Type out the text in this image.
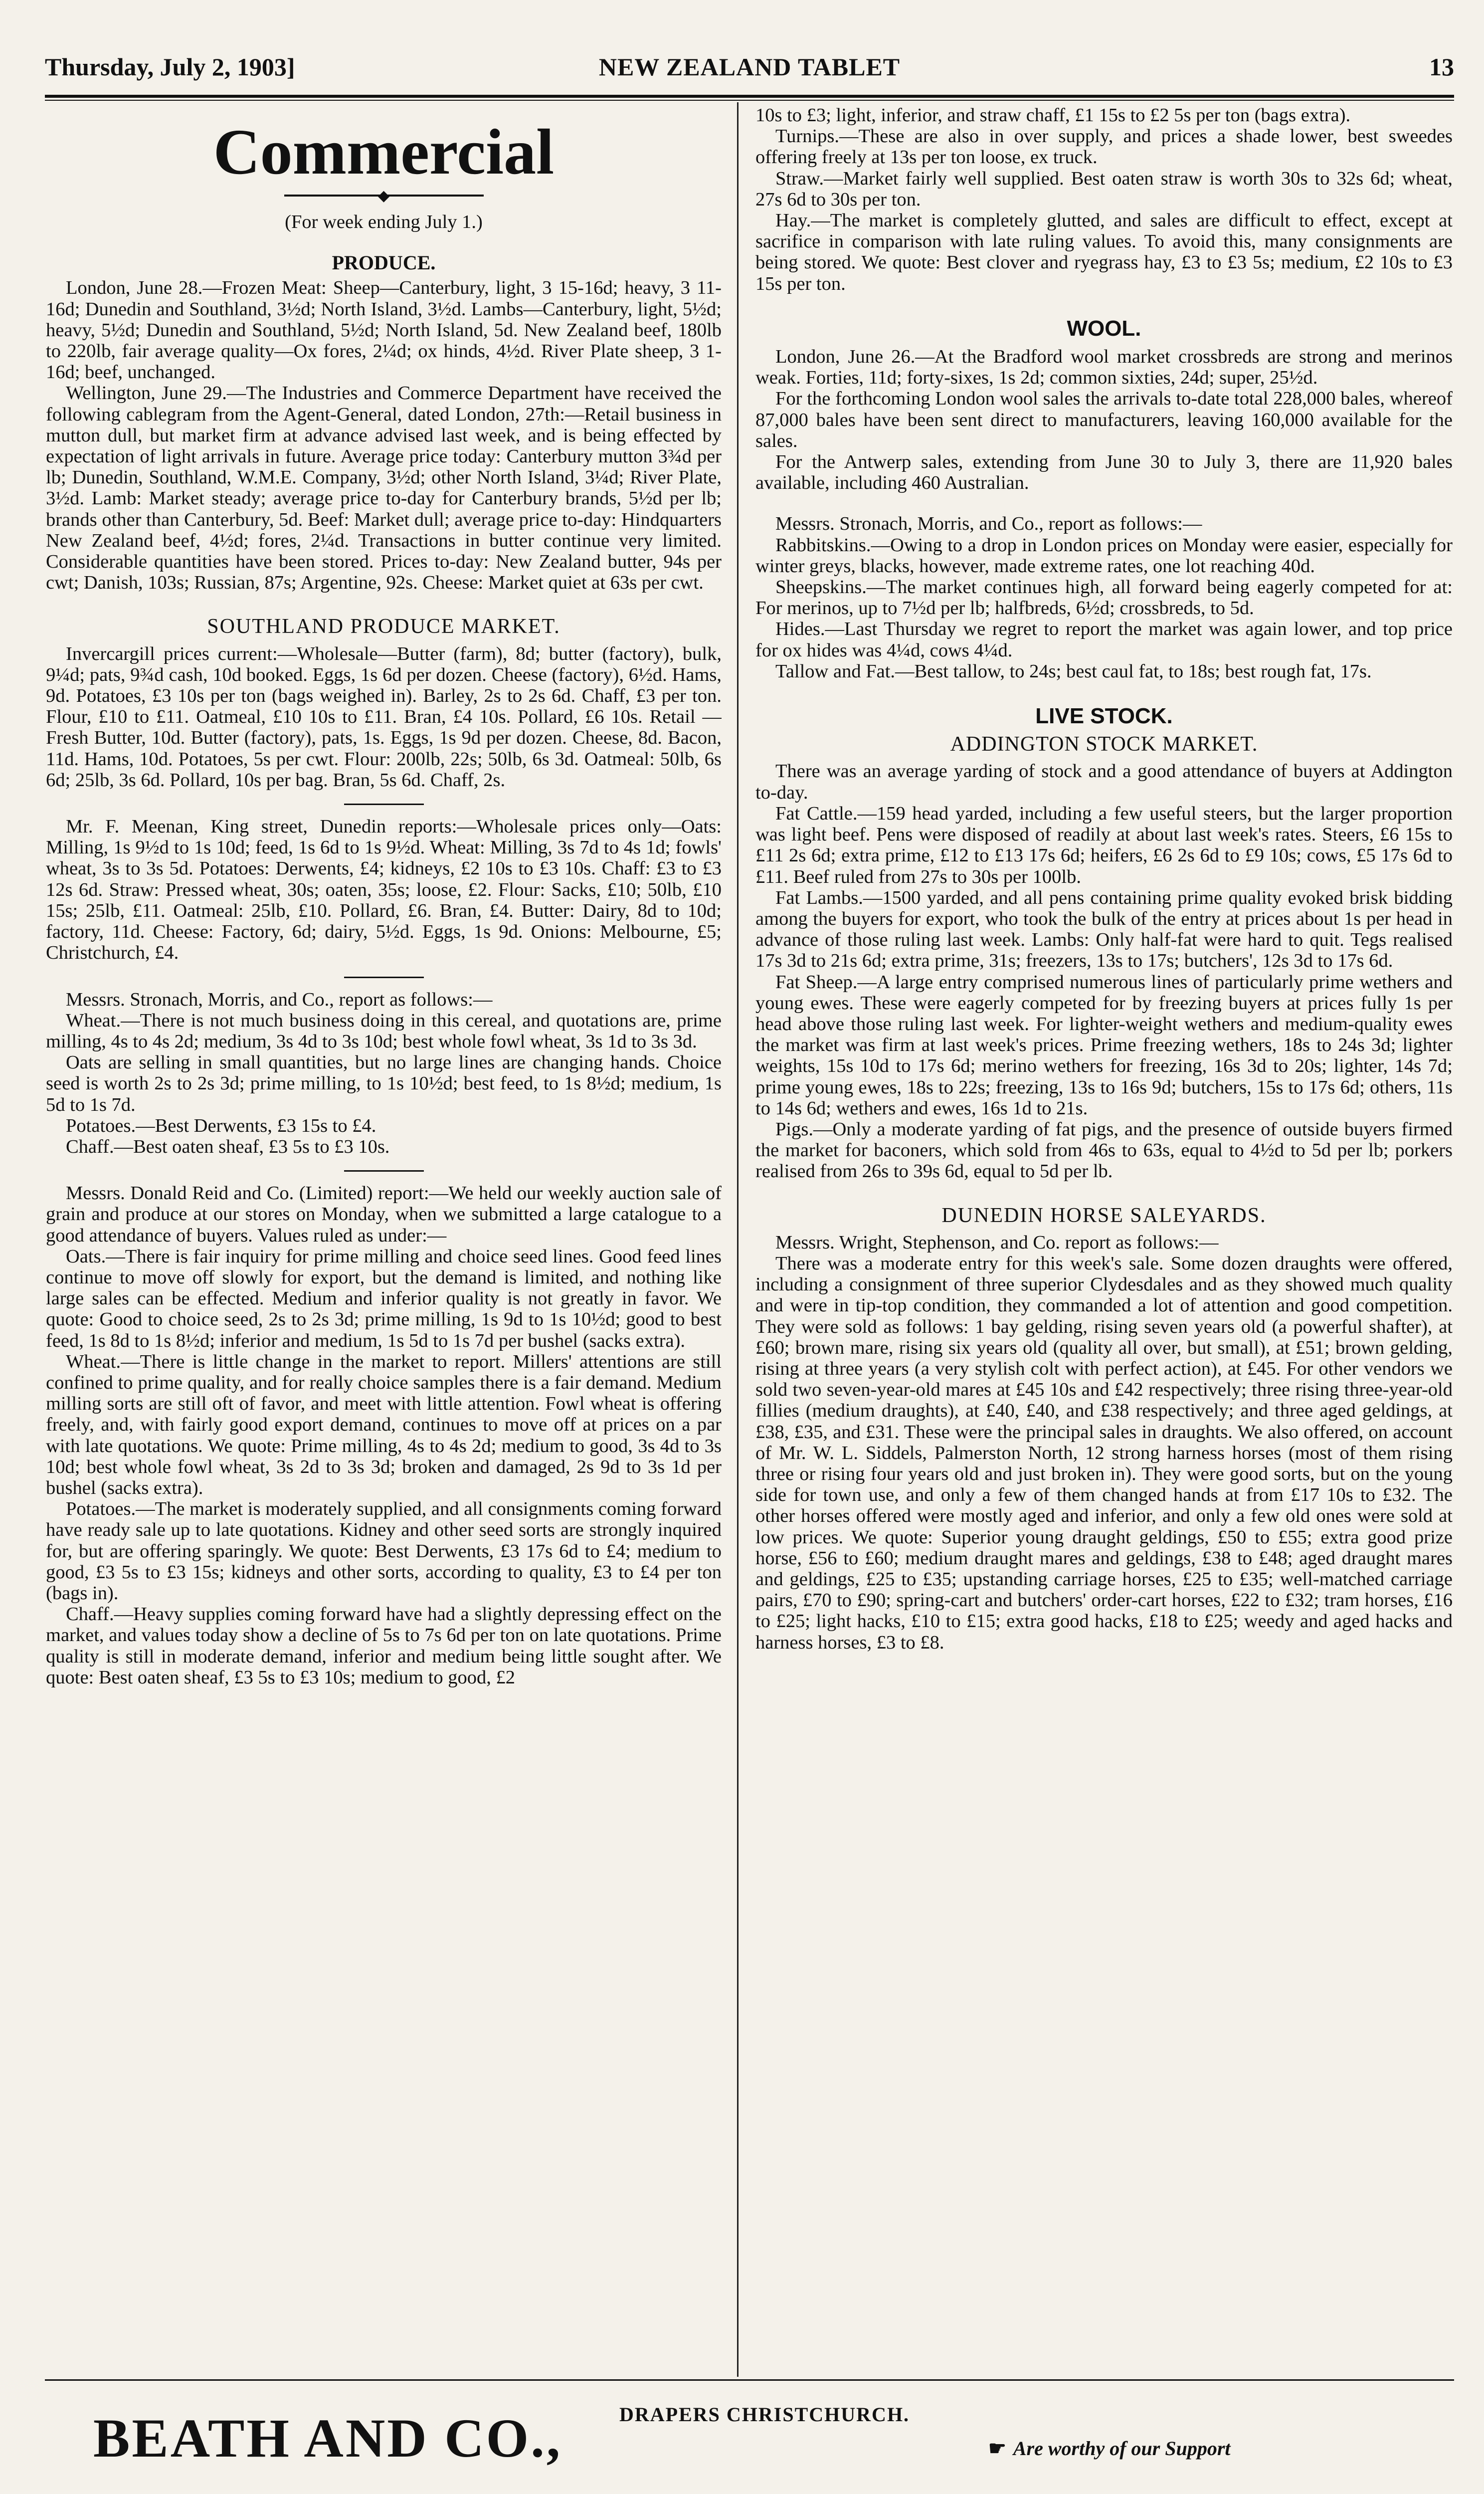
Thursday, July 2, 1903]	NEW ZEALAND TABLET	13
Commercial
◆

(For week ending July 1.)

PRODUCE.

London, June 28.—Frozen Meat: Sheep—Canterbury, light, 3 15-16d; heavy, 3 11-16d; Dunedin and Southland, 3½d; North Island, 3½d. Lambs—Canterbury, light, 5½d; heavy, 5½d; Dunedin and Southland, 5½d; North Island, 5d. New Zealand beef, 180lb to 220lb, fair average quality—Ox fores, 2¼d; ox hinds, 4½d. River Plate sheep, 3 1-16d; beef, unchanged.

Wellington, June 29.—The Industries and Commerce Department have received the following cablegram from the Agent-General, dated London, 27th:—Retail business in mutton dull, but market firm at advance advised last week, and is being effected by expectation of light arrivals in future. Average price today: Canterbury mutton 3¾d per lb; Dunedin, Southland, W.M.E. Company, 3½d; other North Island, 3¼d; River Plate, 3½d. Lamb: Market steady; average price to-day for Canterbury brands, 5½d per lb; brands other than Canterbury, 5d. Beef: Market dull; average price to-day: Hindquarters New Zealand beef, 4½d; fores, 2¼d. Transactions in butter continue very limited. Considerable quantities have been stored. Prices to-day: New Zealand butter, 94s per cwt; Danish, 103s; Russian, 87s; Argentine, 92s. Cheese: Market quiet at 63s per cwt.

SOUTHLAND PRODUCE MARKET.

Invercargill prices current:—Wholesale—Butter (farm), 8d; butter (factory), bulk, 9¼d; pats, 9¾d cash, 10d booked. Eggs, 1s 6d per dozen. Cheese (factory), 6½d. Hams, 9d. Potatoes, £3 10s per ton (bags weighed in). Barley, 2s to 2s 6d. Chaff, £3 per ton. Flour, £10 to £11. Oatmeal, £10 10s to £11. Bran, £4 10s. Pollard, £6 10s. Retail — Fresh Butter, 10d. Butter (factory), pats, 1s. Eggs, 1s 9d per dozen. Cheese, 8d. Bacon, 11d. Hams, 10d. Potatoes, 5s per cwt. Flour: 200lb, 22s; 50lb, 6s 3d. Oatmeal: 50lb, 6s 6d; 25lb, 3s 6d. Pollard, 10s per bag. Bran, 5s 6d. Chaff, 2s.

Mr. F. Meenan, King street, Dunedin reports:—Wholesale prices only—Oats: Milling, 1s 9½d to 1s 10d; feed, 1s 6d to 1s 9½d. Wheat: Milling, 3s 7d to 4s 1d; fowls' wheat, 3s to 3s 5d. Potatoes: Derwents, £4; kidneys, £2 10s to £3 10s. Chaff: £3 to £3 12s 6d. Straw: Pressed wheat, 30s; oaten, 35s; loose, £2. Flour: Sacks, £10; 50lb, £10 15s; 25lb, £11. Oatmeal: 25lb, £10. Pollard, £6. Bran, £4. Butter: Dairy, 8d to 10d; factory, 11d. Cheese: Factory, 6d; dairy, 5½d. Eggs, 1s 9d. Onions: Melbourne, £5; Christchurch, £4.

Messrs. Stronach, Morris, and Co., report as follows:—

Wheat.—There is not much business doing in this cereal, and quotations are, prime milling, 4s to 4s 2d; medium, 3s 4d to 3s 10d; best whole fowl wheat, 3s 1d to 3s 3d.

Oats are selling in small quantities, but no large lines are changing hands. Choice seed is worth 2s to 2s 3d; prime milling, to 1s 10½d; best feed, to 1s 8½d; medium, 1s 5d to 1s 7d.

Potatoes.—Best Derwents, £3 15s to £4.

Chaff.—Best oaten sheaf, £3 5s to £3 10s.

Messrs. Donald Reid and Co. (Limited) report:—We held our weekly auction sale of grain and produce at our stores on Monday, when we submitted a large catalogue to a good attendance of buyers. Values ruled as under:—

Oats.—There is fair inquiry for prime milling and choice seed lines. Good feed lines continue to move off slowly for export, but the demand is limited, and nothing like large sales can be effected. Medium and inferior quality is not greatly in favor. We quote: Good to choice seed, 2s to 2s 3d; prime milling, 1s 9d to 1s 10½d; good to best feed, 1s 8d to 1s 8½d; inferior and medium, 1s 5d to 1s 7d per bushel (sacks extra).

Wheat.—There is little change in the market to report. Millers' attentions are still confined to prime quality, and for really choice samples there is a fair demand. Medium milling sorts are still oft of favor, and meet with little attention. Fowl wheat is offering freely, and, with fairly good export demand, continues to move off at prices on a par with late quotations. We quote: Prime milling, 4s to 4s 2d; medium to good, 3s 4d to 3s 10d; best whole fowl wheat, 3s 2d to 3s 3d; broken and damaged, 2s 9d to 3s 1d per bushel (sacks extra).

Potatoes.—The market is moderately supplied, and all consignments coming forward have ready sale up to late quotations. Kidney and other seed sorts are strongly inquired for, but are offering sparingly. We quote: Best Derwents, £3 17s 6d to £4; medium to good, £3 5s to £3 15s; kidneys and other sorts, according to quality, £3 to £4 per ton (bags in).

Chaff.—Heavy supplies coming forward have had a slightly depressing effect on the market, and values today show a decline of 5s to 7s 6d per ton on late quotations. Prime quality is still in moderate demand, inferior and medium being little sought after. We quote: Best oaten sheaf, £3 5s to £3 10s; medium to good, £2

10s to £3; light, inferior, and straw chaff, £1 15s to £2 5s per ton (bags extra).

Turnips.—These are also in over supply, and prices a shade lower, best sweedes offering freely at 13s per ton loose, ex truck.

Straw.—Market fairly well supplied. Best oaten straw is worth 30s to 32s 6d; wheat, 27s 6d to 30s per ton.

Hay.—The market is completely glutted, and sales are difficult to effect, except at sacrifice in comparison with late ruling values. To avoid this, many consignments are being stored. We quote: Best clover and ryegrass hay, £3 to £3 5s; medium, £2 10s to £3 15s per ton.

WOOL.

London, June 26.—At the Bradford wool market crossbreds are strong and merinos weak. Forties, 11d; forty-sixes, 1s 2d; common sixties, 24d; super, 25½d.

For the forthcoming London wool sales the arrivals to-date total 228,000 bales, whereof 87,000 bales have been sent direct to manufacturers, leaving 160,000 available for the sales.

For the Antwerp sales, extending from June 30 to July 3, there are 11,920 bales available, including 460 Australian.

Messrs. Stronach, Morris, and Co., report as follows:—

Rabbitskins.—Owing to a drop in London prices on Monday were easier, especially for winter greys, blacks, however, made extreme rates, one lot reaching 40d.

Sheepskins.—The market continues high, all forward being eagerly competed for at: For merinos, up to 7½d per lb; halfbreds, 6½d; crossbreds, to 5d.

Hides.—Last Thursday we regret to report the market was again lower, and top price for ox hides was 4¼d, cows 4¼d.

Tallow and Fat.—Best tallow, to 24s; best caul fat, to 18s; best rough fat, 17s.

LIVE STOCK.
ADDINGTON STOCK MARKET.

There was an average yarding of stock and a good attendance of buyers at Addington to-day.

Fat Cattle.—159 head yarded, including a few useful steers, but the larger proportion was light beef. Pens were disposed of readily at about last week's rates. Steers, £6 15s to £11 2s 6d; extra prime, £12 to £13 17s 6d; heifers, £6 2s 6d to £9 10s; cows, £5 17s 6d to £11. Beef ruled from 27s to 30s per 100lb.

Fat Lambs.—1500 yarded, and all pens containing prime quality evoked brisk bidding among the buyers for export, who took the bulk of the entry at prices about 1s per head in advance of those ruling last week. Lambs: Only half-fat were hard to quit. Tegs realised 17s 3d to 21s 6d; extra prime, 31s; freezers, 13s to 17s; butchers', 12s 3d to 17s 6d.

Fat Sheep.—A large entry comprised numerous lines of particularly prime wethers and young ewes. These were eagerly competed for by freezing buyers at prices fully 1s per head above those ruling last week. For lighter-weight wethers and medium-quality ewes the market was firm at last week's prices. Prime freezing wethers, 18s to 24s 3d; lighter weights, 15s 10d to 17s 6d; merino wethers for freezing, 16s 3d to 20s; lighter, 14s 7d; prime young ewes, 18s to 22s; freezing, 13s to 16s 9d; butchers, 15s to 17s 6d; others, 11s to 14s 6d; wethers and ewes, 16s 1d to 21s.

Pigs.—Only a moderate yarding of fat pigs, and the presence of outside buyers firmed the market for baconers, which sold from 46s to 63s, equal to 4½d to 5d per lb; porkers realised from 26s to 39s 6d, equal to 5d per lb.

DUNEDIN HORSE SALEYARDS.

Messrs. Wright, Stephenson, and Co. report as follows:—

There was a moderate entry for this week's sale. Some dozen draughts were offered, including a consignment of three superior Clydesdales and as they showed much quality and were in tip-top condition, they commanded a lot of attention and good competition. They were sold as follows: 1 bay gelding, rising seven years old (a powerful shafter), at £60; brown mare, rising six years old (quality all over, but small), at £51; brown gelding, rising at three years (a very stylish colt with perfect action), at £45. For other vendors we sold two seven-year-old mares at £45 10s and £42 respectively; three rising three-year-old fillies (medium draughts), at £40, £40, and £38 respectively; and three aged geldings, at £38, £35, and £31. These were the principal sales in draughts. We also offered, on account of Mr. W. L. Siddels, Palmerston North, 12 strong harness horses (most of them rising three or rising four years old and just broken in). They were good sorts, but on the young side for town use, and only a few of them changed hands at from £17 10s to £32. The other horses offered were mostly aged and inferior, and only a few old ones were sold at low prices. We quote: Superior young draught geldings, £50 to £55; extra good prize horse, £56 to £60; medium draught mares and geldings, £38 to £48; aged draught mares and geldings, £25 to £35; upstanding carriage horses, £25 to £35; well-matched carriage pairs, £70 to £90; spring-cart and butchers' order-cart horses, £22 to £32; tram horses, £16 to £25; light hacks, £10 to £15; extra good hacks, £18 to £25; weedy and aged hacks and harness horses, £3 to £8.

BEATH AND CO.,	DRAPERS CHRISTCHURCH.
☛ Are worthy of our Support
